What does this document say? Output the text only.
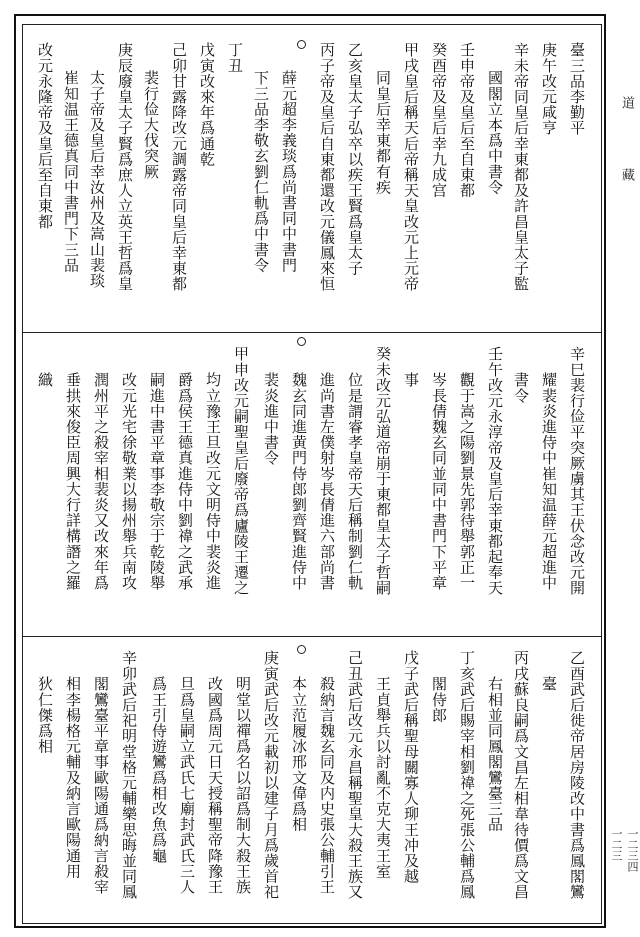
道
藏
一二三 一二三四
臺三品李勤平
庚午改元咸亨
辛未帝同皇后幸東都及許昌皇太子監
國閣立本爲中書令
壬申帝及皇后至自東都
癸酉帝及皇后幸九成宫
甲戌皇后稱天后帝稱天皇改元上元帝
同皇后幸東都有疾
乙亥皇太子弘卒以疾王賢爲皇太子
丙子帝及皇后自東都還改元儀鳳來恒
薛元超李義琰爲尚書同中書門
下三品李敬玄劉仁軌爲中書令
丁丑
戊寅改來年爲通乾
己卯甘露降改元調露帝同皇后幸東都
裴行俭大伐突厥
庚辰廢皇太子賢爲庶人立英王哲爲皇
太子帝及皇后幸汝州及嵩山裴琰
崔知温王德真同中書門下三品
改元永隆帝及皇后至自東都
辛巳裴行俭平突厥虜其王伏念改元開
耀裴炎進侍中崔知温薛元超進中
書令
壬午改元永淳帝及皇后幸東都起奉天
觀于嵩之陽劉景先郭待舉郭正一
岑長倩魏玄同並同中書門下平章
事
癸未改元弘道帝崩于東都皇太子哲嗣
位是謂睿孝皇帝天后稱制劉仁軌
進尚書左僕射岑長倩進六部尚書
魏玄同進黄門侍郎劉齊賢進侍中
裴炎進中書令
甲申改元嗣聖皇后廢帝爲廬陵王遷之
均立豫王旦改元文明侍中裴炎進
爵爲侯王德真進侍中劉禕之武承
嗣進中書平章事李敬宗于乾陵舉
改元光宅徐敬業以揚州舉兵南攻
潤州平之殺宰相裴炎又改來年爲
垂拱來俊臣周興大行詳構譖之羅
織
乙酉武后徙帝居房陵改中書爲鳳閣鸞
臺
丙戌蘇良嗣爲文昌左相韋待價爲文昌
右相並同鳳閣鸞臺三品
丁亥武后賜宰相劉禕之死張公輔爲鳳
閣侍郎
戊子武后稱聖母關寡人珋王冲及越
王貞舉兵以討亂不克大夷王室
己丑武后改元永昌稱聖皇大殺王族又
殺納言魏玄同及内史張公輔引王
本立范履冰邢文偉爲相
庚寅武后改元載初以建子月爲歲首祀
明堂以禪爲名以詔爲制大殺王族
改國爲周元日天授稱聖帝降豫王
旦爲皇嗣立武氏七廟封武氏三人
爲王引侍遊鸞爲相改魚爲龜
辛卯武后祀明堂格元輔樂思晦並同鳳
閣鸞臺平章事歐陽通爲納言殺宰
相李楊格元輔及納言歐陽通用
狄仁傑爲相
